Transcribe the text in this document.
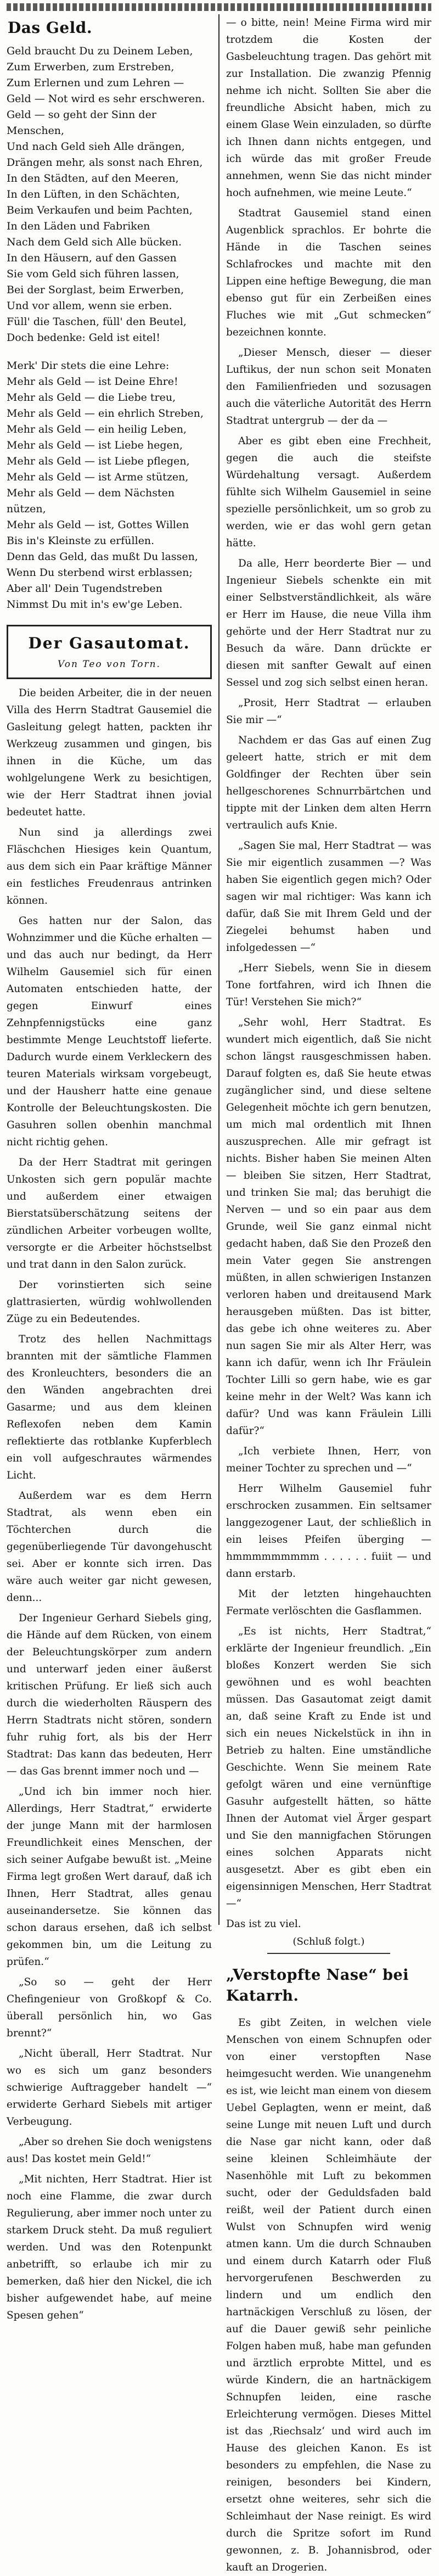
Das Geld.

Geld braucht Du zu Deinem Leben,

Zum Erwerben, zum Erstreben,

Zum Erlernen und zum Lehren —

Geld — Not wird es sehr erschweren.

Geld — so geht der Sinn der Menschen,

Und nach Geld sieh Alle drängen,

Drängen mehr, als sonst nach Ehren,

In den Städten, auf den Meeren,

In den Lüften, in den Schächten,

Beim Verkaufen und beim Pachten,

In den Läden und Fabriken

Nach dem Geld sich Alle bücken.

In den Häusern, auf den Gassen

Sie vom Geld sich führen lassen,

Bei der Sorglast, beim Erwerben,

Und vor allem, wenn sie erben.

Füll' die Taschen, füll' den Beutel,

Doch bedenke: Geld ist eitel!

Merk' Dir stets die eine Lehre:

Mehr als Geld — ist Deine Ehre!

Mehr als Geld — die Liebe treu,

Mehr als Geld — ein ehrlich Streben,

Mehr als Geld — ein heilig Leben,

Mehr als Geld — ist Liebe hegen,

Mehr als Geld — ist Liebe pflegen,

Mehr als Geld — ist Arme stützen,

Mehr als Geld — dem Nächsten nützen,

Mehr als Geld — ist, Gottes Willen

Bis in's Kleinste zu erfüllen.

Denn das Geld, das mußt Du lassen,

Wenn Du sterbend wirst erblassen;

Aber all' Dein Tugendstreben

Nimmst Du mit in's ew'ge Leben.

Der Gasautomat.
Von Teo von Torn.

Die beiden Arbeiter, die in der neuen Villa des Herrn Stadtrat Gausemiel die Gasleitung gelegt hatten, packten ihr Werkzeug zusammen und gingen, bis ihnen in die Küche, um das wohlgelungene Werk zu besichtigen, wie der Herr Stadtrat ihnen jovial bedeutet hatte.

Nun sind ja allerdings zwei Fläschchen Hiesiges kein Quantum, aus dem sich ein Paar kräftige Männer ein festliches Freudenraus antrinken können.

Ges hatten nur der Salon, das Wohnzimmer und die Küche erhalten — und das auch nur bedingt, da Herr Wilhelm Gausemiel sich für einen Automaten entschieden hatte, der gegen Einwurf eines Zehnpfennigstücks eine ganz bestimmte Menge Leuchtstoff lieferte. Dadurch wurde einem Verkleckern des teuren Materials wirksam vorgebeugt, und der Hausherr hatte eine genaue Kontrolle der Beleuchtungskosten. Die Gasuhren sollen obenhin manchmal nicht richtig gehen.

Da der Herr Stadtrat mit geringen Unkosten sich gern populär machte und außerdem einer etwaigen Bierstatsüberschätzung seitens der zündlichen Arbeiter vorbeugen wollte, versorgte er die Arbeiter höchstselbst und trat dann in den Salon zurück.

Der vorinstierten sich seine glattrasierten, würdig wohlwollenden Züge zu ein Bedeutendes.

Trotz des hellen Nachmittags brannten mit der sämtliche Flammen des Kronleuchters, besonders die an den Wänden angebrachten drei Gasarme; und aus dem kleinen Reflexofen neben dem Kamin reflektierte das rotblanke Kupferblech ein voll aufgeschrautes wärmendes Licht.

Außerdem war es dem Herrn Stadtrat, als wenn eben ein Töchterchen durch die gegenüberliegende Tür davongehuscht sei. Aber er konnte sich irren. Das wäre auch weiter gar nicht gewesen, denn...

Der Ingenieur Gerhard Siebels ging, die Hände auf dem Rücken, von einem der Beleuchtungskörper zum andern und unterwarf jeden einer äußerst kritischen Prüfung. Er ließ sich auch durch die wiederholten Räuspern des Herrn Stadtrats nicht stören, sondern fuhr ruhig fort, als bis der Herr Stadtrat: Das kann das bedeuten, Herr — das Gas brennt immer noch und —

„Und ich bin immer noch hier. Allerdings, Herr Stadtrat,“ erwiderte der junge Mann mit der harmlosen Freundlichkeit eines Menschen, der sich seiner Aufgabe bewußt ist. „Meine Firma legt großen Wert darauf, daß ich Ihnen, Herr Stadtrat, alles genau auseinandersetze. Sie können das schon daraus ersehen, daß ich selbst gekommen bin, um die Leitung zu prüfen.“

„So so — geht der Herr Chefingenieur von Großkopf & Co. überall persönlich hin, wo Gas brennt?“

„Nicht überall, Herr Stadtrat. Nur wo es sich um ganz besonders schwierige Auftraggeber handelt —“ erwiderte Gerhard Siebels mit artiger Verbeugung.

„Aber so drehen Sie doch wenigstens aus! Das kostet mein Geld!“

„Mit nichten, Herr Stadtrat. Hier ist noch eine Flamme, die zwar durch Regulierung, aber immer noch unter zu starkem Druck steht. Da muß reguliert werden. Und was den Rotenpunkt anbetrifft, so erlaube ich mir zu bemerken, daß hier den Nickel, die ich bisher aufgewendet habe, auf meine Spesen gehen“

— o bitte, nein! Meine Firma wird mir trotzdem die Kosten der Gasbeleuchtung tragen. Das gehört mit zur Installation. Die zwanzig Pfennig nehme ich nicht. Sollten Sie aber die freundliche Absicht haben, mich zu einem Glase Wein einzuladen, so dürfte ich Ihnen dann nichts entgegen, und ich würde das mit großer Freude annehmen, wenn Sie das nicht minder hoch aufnehmen, wie meine Leute.“

Stadtrat Gausemiel stand einen Augenblick sprachlos. Er bohrte die Hände in die Taschen seines Schlafrockes und machte mit den Lippen eine heftige Bewegung, die man ebenso gut für ein Zerbeißen eines Fluches wie mit „Gut schmecken“ bezeichnen konnte.

„Dieser Mensch, dieser — dieser Luftikus, der nun schon seit Monaten den Familienfrieden und sozusagen auch die väterliche Autorität des Herrn Stadtrat untergrub — der da —

Aber es gibt eben eine Frechheit, gegen die auch die steifste Würdehaltung versagt. Außerdem fühlte sich Wilhelm Gausemiel in seine spezielle persönlichkeit, um so grob zu werden, wie er das wohl gern getan hätte.

Da alle, Herr beorderte Bier — und Ingenieur Siebels schenkte ein mit einer Selbstverständlichkeit, als wäre er Herr im Hause, die neue Villa ihm gehörte und der Herr Stadtrat nur zu Besuch da wäre. Dann drückte er diesen mit sanfter Gewalt auf einen Sessel und zog sich selbst einen heran.

„Prosit, Herr Stadtrat — erlauben Sie mir —“

Nachdem er das Gas auf einen Zug geleert hatte, strich er mit dem Goldfinger der Rechten über sein hellgeschorenes Schnurrbärtchen und tippte mit der Linken dem alten Herrn vertraulich aufs Knie.

„Sagen Sie mal, Herr Stadtrat — was Sie mir eigentlich zusammen —? Was haben Sie eigentlich gegen mich? Oder sagen wir mal richtiger: Was kann ich dafür, daß Sie mit Ihrem Geld und der Ziegelei behumst haben und infolgedessen —“

„Herr Siebels, wenn Sie in diesem Tone fortfahren, wird ich Ihnen die Tür! Verstehen Sie mich?“

„Sehr wohl, Herr Stadtrat. Es wundert mich eigentlich, daß Sie nicht schon längst rausgeschmissen haben. Darauf folgten es, daß Sie heute etwas zugänglicher sind, und diese seltene Gelegenheit möchte ich gern benutzen, um mich mal ordentlich mit Ihnen auszusprechen. Alle mir gefragt ist nichts. Bisher haben Sie meinen Alten — bleiben Sie sitzen, Herr Stadtrat, und trinken Sie mal; das beruhigt die Nerven — und so ein paar aus dem Grunde, weil Sie ganz einmal nicht gedacht haben, daß Sie den Prozeß den mein Vater gegen Sie anstrengen müßten, in allen schwierigen Instanzen verloren haben und dreitausend Mark herausgeben müßten. Das ist bitter, das gebe ich ohne weiteres zu. Aber nun sagen Sie mir als Alter Herr, was kann ich dafür, wenn ich Ihr Fräulein Tochter Lilli so gern habe, wie es gar keine mehr in der Welt? Was kann ich dafür? Und was kann Fräulein Lilli dafür?“

„Ich verbiete Ihnen, Herr, von meiner Tochter zu sprechen und —“

Herr Wilhelm Gausemiel fuhr erschrocken zusammen. Ein seltsamer langgezogener Laut, der schließlich in ein leises Pfeifen überging — hmmmmmmmmm . . . . . . fuiit — und dann erstarb.

Mit der letzten hingehauchten Fermate verlöschten die Gasflammen.

„Es ist nichts, Herr Stadtrat,“ erklärte der Ingenieur freundlich. „Ein bloßes Konzert werden Sie sich gewöhnen und es wohl beachten müssen. Das Gasautomat zeigt damit an, daß seine Kraft zu Ende ist und sich ein neues Nickelstück in ihn in Betrieb zu halten. Eine umständliche Geschichte. Wenn Sie meinem Rate gefolgt wären und eine vernünftige Gasuhr aufgestellt hätten, so hätte Ihnen der Automat viel Ärger gespart und Sie den mannigfachen Störungen eines solchen Apparats nicht ausgesetzt. Aber es gibt eben ein eigensinnigen Menschen, Herr Stadtrat —“

Das ist zu viel.

(Schluß folgt.)
„Verstopfte Nase“ bei Katarrh.

Es gibt Zeiten, in welchen viele Menschen von einem Schnupfen oder von einer verstopften Nase heimgesucht werden. Wie unangenehm es ist, wie leicht man einem von diesem Uebel Geplagten, wenn er meint, daß seine Lunge mit neuen Luft und durch die Nase gar nicht kann, oder daß seine kleinen Schleimhäute der Nasenhöhle mit Luft zu bekommen sucht, oder der Geduldsfaden bald reißt, weil der Patient durch einen Wulst von Schnupfen wird wenig atmen kann. Um die durch Schnauben und einem durch Katarrh oder Fluß hervorgerufenen Beschwerden zu lindern und um endlich den hartnäckigen Verschluß zu lösen, der auf die Dauer gewiß sehr peinliche Folgen haben muß, habe man gefunden und ärztlich erprobte Mittel, und es würde Kindern, die an hartnäckigem Schnupfen leiden, eine rasche Erleichterung vermögen. Dieses Mittel ist das ‚Riechsalz‘ und wird auch im Hause des gleichen Kanon. Es ist besonders zu empfehlen, die Nase zu reinigen, besonders bei Kindern, ersetzt ohne weiteres, sehr sich die Schleimhaut der Nase reinigt. Es wird durch die Spritze sofort im Rund gewonnen, z. B. Johannisbrod, oder kauft an Drogerien.
